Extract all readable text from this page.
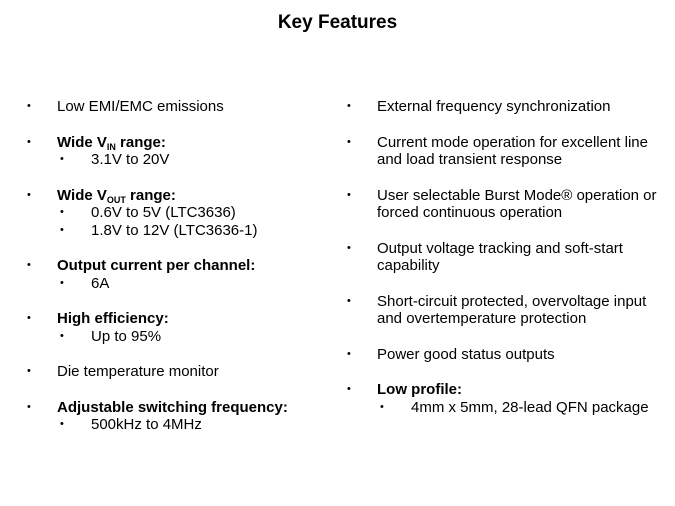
Key Features
• Low EMI/EMC emissions
• Wide $V_{IN}$ range:
• 3.1V to 20V
• Wide $V_{OUT}$ range:
• 0.6V to 5V (LTC3636)
• 1.8V to 12V (LTC3636-1)
• Output current per channel:
• 6A
• High efficiency:
• Up to 95%
• Die temperature monitor
• Adjustable switching frequency:
• 500kHz to 4MHz
• External frequency synchronization
• Current mode operation for excellent line and load transient response
• User selectable Burst Mode® operation or forced continuous operation
• Output voltage tracking and soft-start capability
• Short-circuit protected, overvoltage input and overtemperature protection
• Power good status outputs
• Low profile:
• 4mm x 5mm, 28-lead QFN package
